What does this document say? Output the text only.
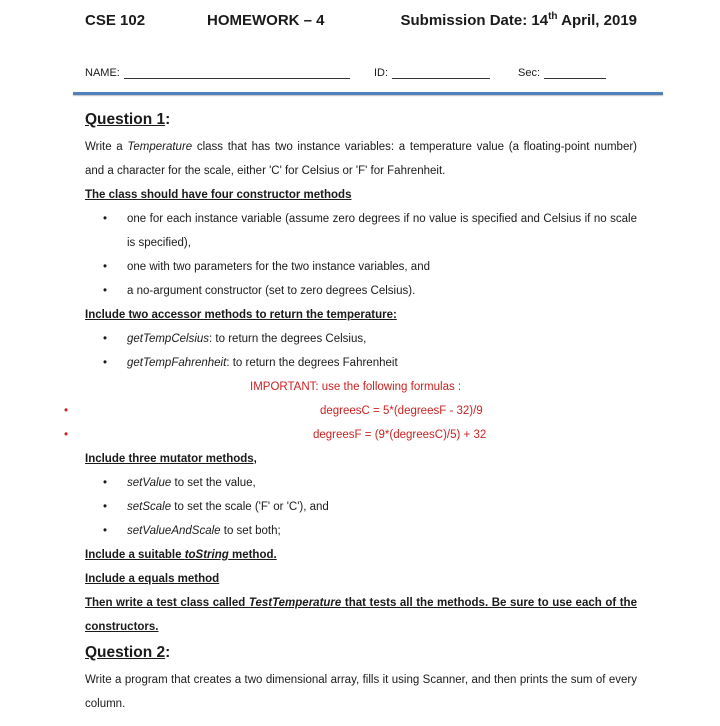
CSE 102	HOMEWORK – 4	Submission Date: 14th April, 2019
NAME:	ID:	Sec:
Question 1:
Write a Temperature class that has two instance variables: a temperature value (a floating-point number) and a character for the scale, either 'C' for Celsius or 'F' for Fahrenheit.
The class should have four constructor methods
• one for each instance variable (assume zero degrees if no value is specified and Celsius if no scale is specified),
• one with two parameters for the two instance variables, and
• a no-argument constructor (set to zero degrees Celsius).
Include two accessor methods to return the temperature:
• getTempCelsius: to return the degrees Celsius,
• getTempFahrenheit: to return the degrees Fahrenheit
IMPORTANT: use the following formulas :
• degreesC = 5*(degreesF - 32)/9
• degreesF = (9*(degreesC)/5) + 32
Include three mutator methods,
• setValue to set the value,
• setScale to set the scale ('F' or 'C'), and
• setValueAndScale to set both;
Include a suitable toString method.
Include a equals method
Then write a test class called TestTemperature that tests all the methods. Be sure to use each of the constructors.
Question 2:
Write a program that creates a two dimensional array, fills it using Scanner, and then prints the sum of every column.
